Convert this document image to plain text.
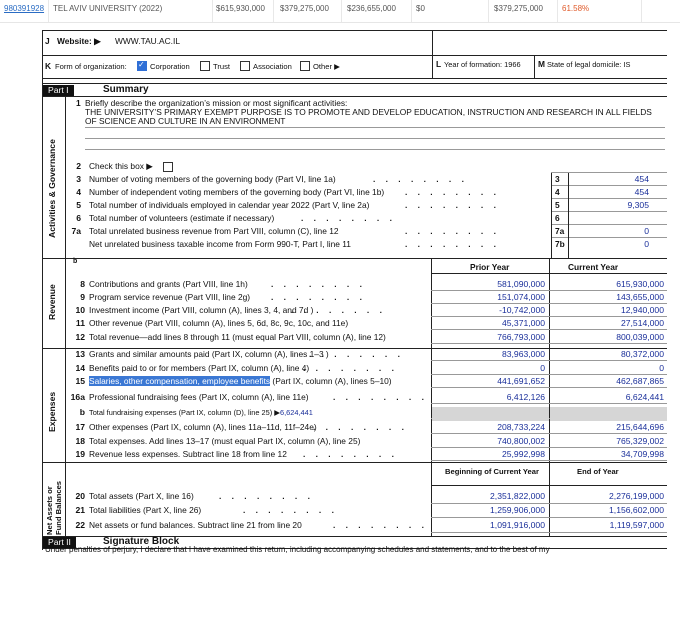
980391928 TEL AVIV UNIVERSITY (2022)	$615,930,000 $379,275,000 $236,655,000	$0	$379,275,000 61.58%
J Website: ▶ WWW.TAU.AC.IL
K Form of organization:
✓	Corporation	Trust	Association	Other ▶	L Year of formation: 1966 M State of legal domicile: IS
Part I	Summary
Activities & Governance
Revenue
Expenses
Net Assets or Fund Balances
1 Briefly describe the organization’s mission or most significant activities:
THE UNIVERSITY’S PRIMARY EXEMPT PURPOSE IS TO PROMOTE AND DEVELOP EDUCATION, INSTRUCTION AND RESEARCH IN ALL FIELDS
OF SCIENCE AND CULTURE IN AN ENVIRONMENT
2 Check this box ▶
3 Number of voting members of the governing body (Part VI, line 1a)	. . . . . . . .	3	454
4 Number of independent voting members of the governing body (Part VI, line 1b) . . . . . . . .	4	454
5 Total number of individuals employed in calendar year 2022 (Part V, line 2a)	. . . . . . . .	5	9,305
6 Total number of volunteers (estimate if necessary)	. . . . . . . .	6
7a Total unrelated business revenue from Part VIII, column (C), line 12	. . . . . . . .	7a	0
Net unrelated business taxable income from Form 990-T, Part I, line 11	. . . . . . . .	7b	0
b
Prior Year	Current Year
8 Contributions and grants (Part VIII, line 1h)	. . . . . . . .	581,090,000	615,930,000
9 Program service revenue (Part VIII, line 2g) . . . . . . . .	151,074,000	143,655,000
10 Investment income (Part VIII, column (A), lines 3, 4, and 7d )
. . . . . . . .	-10,742,000	12,940,000
11 Other revenue (Part VIII, column (A), lines 5, 6d, 8c, 9c, 10c, and 11e)	45,371,000	27,514,000
12 Total revenue—add lines 8 through 11 (must equal Part VIII, column (A), line 12)	766,793,000	800,039,000
13 Grants and similar amounts paid (Part IX, column (A), lines 1–3 )
. . . . . . . .	83,963,000	80,372,000
14 Benefits paid to or for members (Part IX, column (A), line 4)
. . . . . . . .	0	0
15 Salaries, other compensation, employee benefits (Part IX, column (A), lines 5–10)	441,691,652	462,687,865
16a Professional fundraising fees (Part IX, column (A), line 11e)	. . . . . . . .	6,412,126	6,624,441
b Total fundraising expenses (Part IX, column (D), line 25) ▶6,624,441
17 Other expenses (Part IX, column (A), lines 11a–11d, 11f–24e)
. . . . . . . .	208,733,224	215,644,696
18 Total expenses. Add lines 13–17 (must equal Part IX, column (A), line 25)	740,800,002	765,329,002
19 Revenue less expenses. Subtract line 18 from line 12 . . . . . . . .	25,992,998	34,709,998
Beginning of Current Year	End of Year
20 Total assets (Part X, line 16)	. . . . . . . .	2,351,822,000	2,276,199,000
21 Total liabilities (Part X, line 26)	. . . . . . . .	1,259,906,000	1,156,602,000
22 Net assets or fund balances. Subtract line 21 from line 20	. . . . . . . .	1,091,916,000	1,119,597,000
Part II	Signature Block
Under penalties of perjury, I declare that I have examined this return, including accompanying schedules and statements, and to the best of my
